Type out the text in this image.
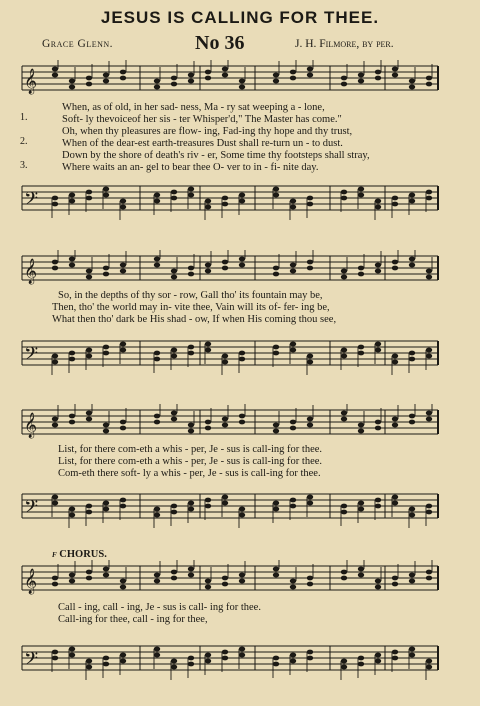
JESUS IS CALLING FOR THEE.
Grace Glenn.	No 36	J. H. Filmore, by per.
𝄞
1.
2.
3.
When, as of old, in her sad- ness, Ma - ry sat weeping a - lone,
Soft- ly thevoiceof her sis - ter Whisper'd," The Master has come."
Oh, when thy pleasures are flow- ing, Fad-ing thy hope and thy trust,
When of the dear-est earth-treasures Dust shall re-turn un - to dust.
Down by the shore of death's riv - er, Some time thy footsteps shall stray,
Where waits an an- gel to bear thee O- ver to in - fi- nite day.
𝄢
𝄞
So, in the depths of thy sor - row, Gall tho' its fountain may be,
Then, tho' the world may in- vite thee, Vain will its of- fer- ing be,
What then tho' dark be His shad - ow, If when His coming thou see,
𝄢
𝄞
List, for there com-eth a whis - per, Je - sus is call-ing for thee.
List, for there com-eth a whis - per, Je - sus is call-ing for thee.
Com-eth there soft- ly a whis - per, Je - sus is call-ing for thee.
𝄢
f CHORUS.
𝄞
Call - ing, call - ing, Je - sus is call- ing for thee.
Call-ing for thee, call - ing for thee,
𝄢
